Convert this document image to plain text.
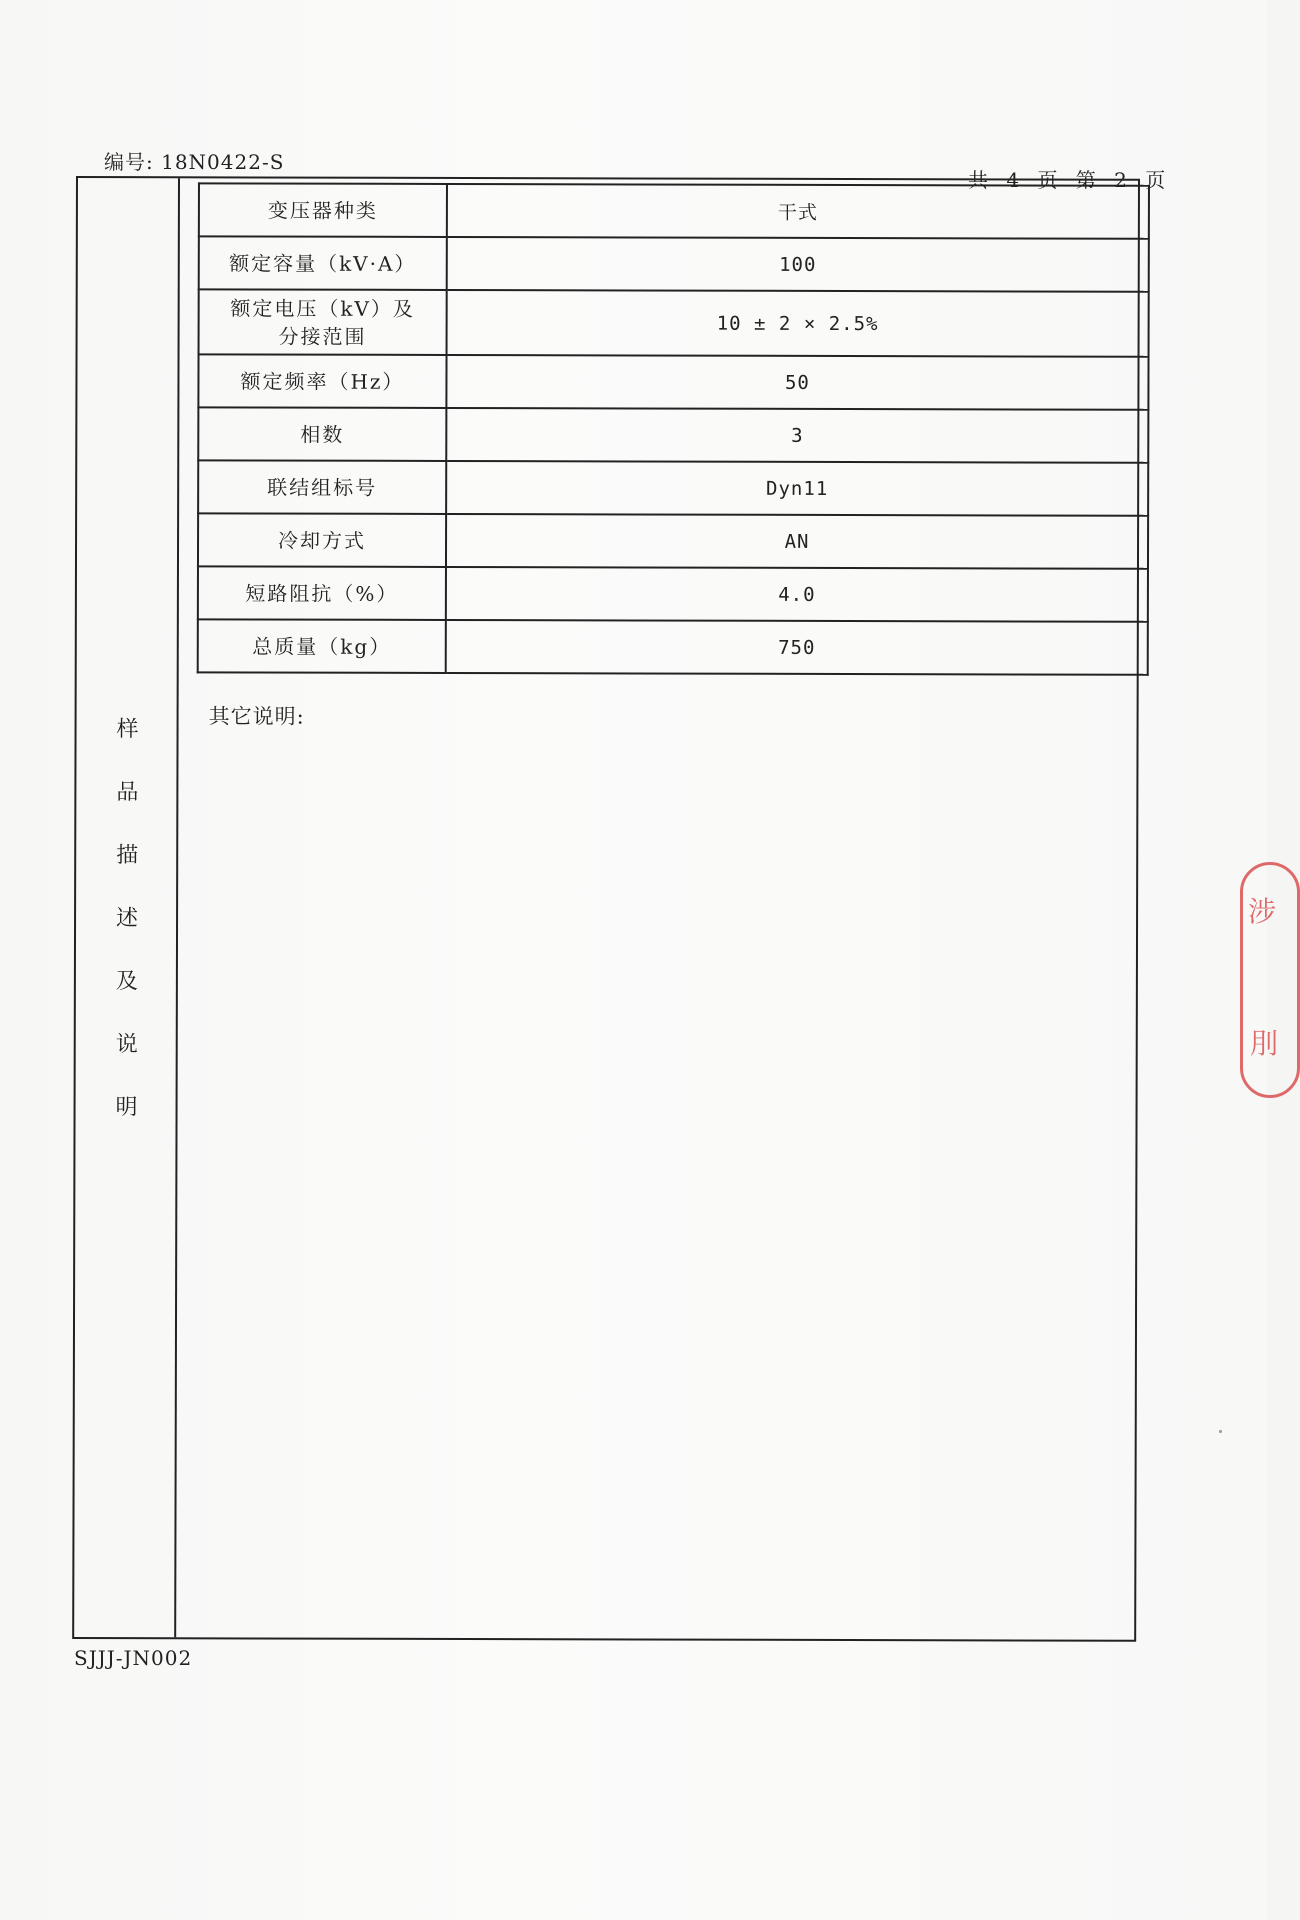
编号: 18N0422-S
共 4 页 第 2 页
样
品
描
述
及
说
明
变压器种类	干式
额定容量（kV·A）	100
额定电压（kV）及
分接范围	10 ± 2 × 2.5%
额定频率（Hz）	50
相数	3
联结组标号	Dyn11
冷却方式	AN
短路阻抗（%）	4.0
总质量（kg）	750
其它说明:
SJJJ-JN002
涉
刖
